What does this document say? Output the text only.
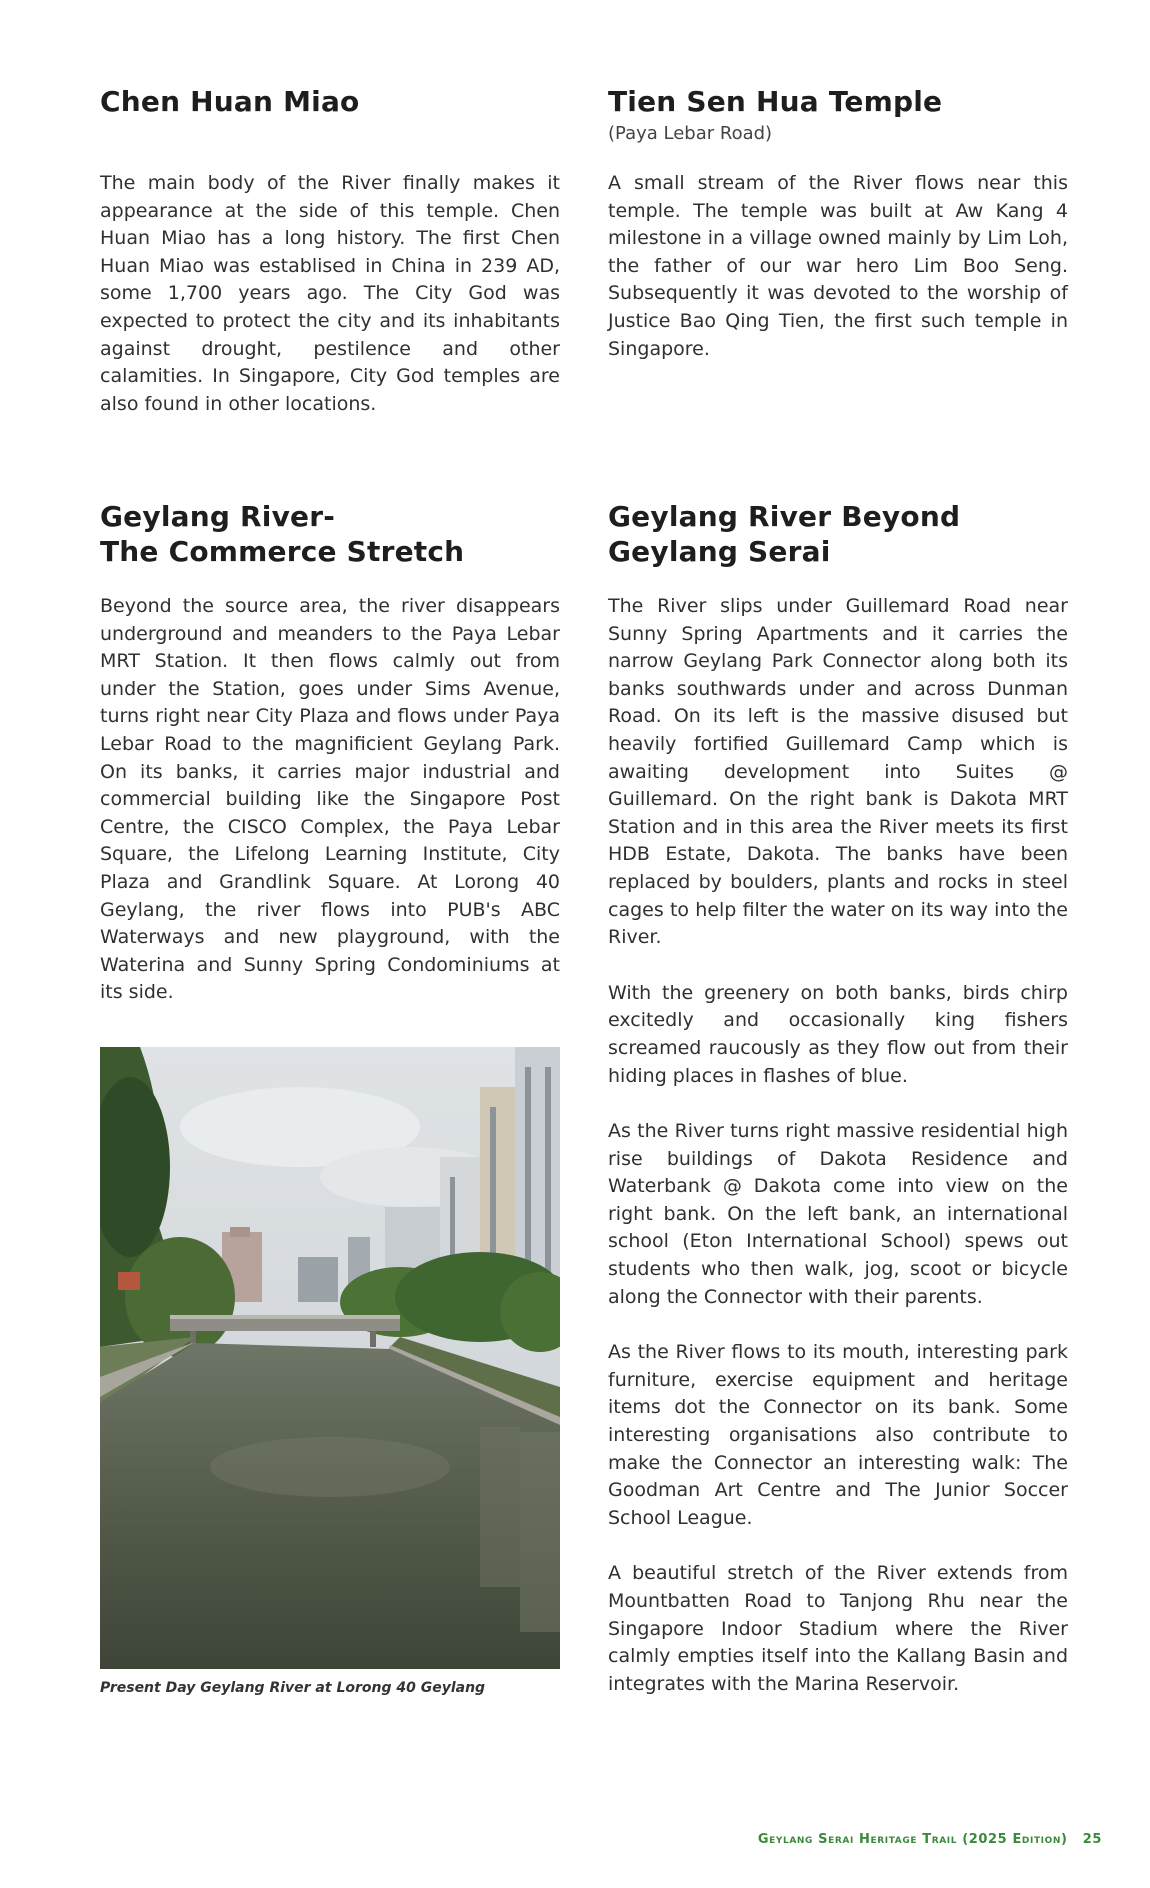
Chen Huan Miao

The main body of the River finally makes it appearance at the side of this temple. Chen Huan Miao has a long history. The first Chen Huan Miao was establised in China in 239 AD, some 1,700 years ago. The City God was expected to protect the city and its inhabitants against drought, pestilence and other calamities. In Singapore, City God temples are also found in other locations.

Tien Sen Hua Temple
(Paya Lebar Road)

A small stream of the River flows near this temple. The temple was built at Aw Kang 4 milestone in a village owned mainly by Lim Loh, the father of our war hero Lim Boo Seng. Subsequently it was devoted to the worship of Justice Bao Qing Tien, the first such temple in Singapore.

Geylang River-
The Commerce Stretch

Beyond the source area, the river disappears underground and meanders to the Paya Lebar MRT Station. It then flows calmly out from under the Station, goes under Sims Avenue, turns right near City Plaza and flows under Paya Lebar Road to the magnificient Geylang Park. On its banks, it carries major industrial and commercial building like the Singapore Post Centre, the CISCO Complex, the Paya Lebar Square, the Lifelong Learning Institute, City Plaza and Grandlink Square. At Lorong 40 Geylang, the river flows into PUB's ABC Waterways and new playground, with the Waterina and Sunny Spring Condominiums at its side.

Present Day Geylang River at Lorong 40 Geylang
Geylang River Beyond
Geylang Serai

The River slips under Guillemard Road near Sunny Spring Apartments and it carries the narrow Geylang Park Connector along both its banks southwards under and across Dunman Road. On its left is the massive disused but heavily fortified Guillemard Camp which is awaiting development into Suites @ Guillemard. On the right bank is Dakota MRT Station and in this area the River meets its first HDB Estate, Dakota. The banks have been replaced by boulders, plants and rocks in steel cages to help filter the water on its way into the River.

With the greenery on both banks, birds chirp excitedly and occasionally king fishers screamed raucously as they flow out from their hiding places in flashes of blue.

As the River turns right massive residential high rise buildings of Dakota Residence and Waterbank @ Dakota come into view on the right bank. On the left bank, an international school (Eton International School) spews out students who then walk, jog, scoot or bicycle along the Connector with their parents.

As the River flows to its mouth, interesting park furniture, exercise equipment and heritage items dot the Connector on its bank. Some interesting organisations also contribute to make the Connector an interesting walk: The Goodman Art Centre and The Junior Soccer School League.

A beautiful stretch of the River extends from Mountbatten Road to Tanjong Rhu near the Singapore Indoor Stadium where the River calmly empties itself into the Kallang Basin and integrates with the Marina Reservoir.

Geylang Serai Heritage Trail (2025 Edition) 25
